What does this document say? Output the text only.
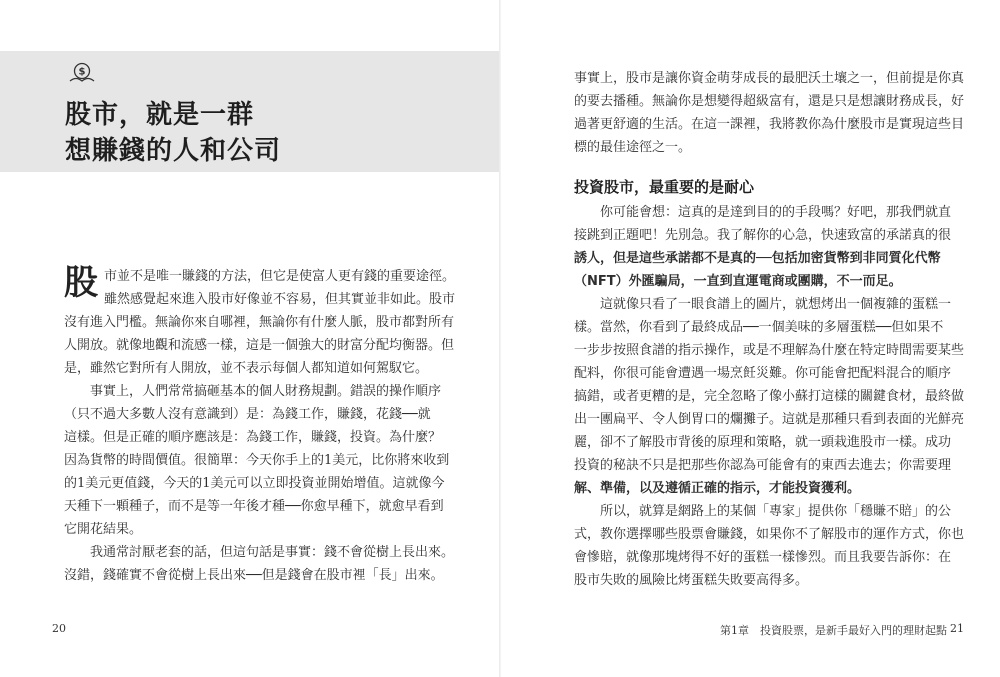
$
股市，就是一群
想賺錢的人和公司
股 市並不是唯一賺錢的方法，但它是使富人更有錢的重要途徑。
雖然感覺起來進入股市好像並不容易，但其實並非如此。股市
沒有進入門檻。無論你來自哪裡，無論你有什麼人脈，股市都對所有
人開放。就像地觀和流感一樣，這是一個強大的財富分配均衡器。但
是，雖然它對所有人開放，並不表示每個人都知道如何駕馭它。
事實上，人們常常搞砸基本的個人財務規劃。錯誤的操作順序
（只不過大多數人沒有意識到）是：為錢工作，賺錢，花錢──就
這樣。但是正確的順序應該是：為錢工作，賺錢，投資。為什麼？
因為貨幣的時間價值。很簡單：今天你手上的1美元，比你將來收到
的1美元更值錢，今天的1美元可以立即投資並開始增值。這就像今
天種下一顆種子，而不是等一年後才種──你愈早種下，就愈早看到
它開花結果。
我通常討厭老套的話，但這句話是事實：錢不會從樹上長出來。
沒錯，錢確實不會從樹上長出來──但是錢會在股市裡「長」出來。
20
事實上，股市是讓你資金萌芽成長的最肥沃土壤之一，但前提是你真
的要去播種。無論你是想變得超級富有，還是只是想讓財務成長，好
過著更舒適的生活。在這一課裡，我將教你為什麼股市是實現這些目
標的最佳途徑之一。
投資股市，最重要的是耐心
你可能會想：這真的是達到目的的手段嗎？好吧，那我們就直
接跳到正題吧！先別急。我了解你的心急，快速致富的承諾真的很
誘人，但是這些承諾都不是真的──包括加密貨幣到非同質化代幣
（NFT）外匯騙局，一直到直運電商或團購，不一而足。
這就像只看了一眼食譜上的圖片，就想烤出一個複雜的蛋糕一
樣。當然，你看到了最終成品──一個美味的多層蛋糕──但如果不
一步步按照食譜的指示操作，或是不理解為什麼在特定時間需要某些
配料，你很可能會遭遇一場烹飪災難。你可能會把配料混合的順序
搞錯，或者更糟的是，完全忽略了像小蘇打這樣的關鍵食材，最終做
出一團扁平、令人倒胃口的爛攤子。這就是那種只看到表面的光鮮亮
麗，卻不了解股市背後的原理和策略，就一頭栽進股市一樣。成功
投資的秘訣不只是把那些你認為可能會有的東西去進去；你需要理
解、準備，以及遵循正確的指示，才能投資獲利。
所以，就算是網路上的某個「專家」提供你「穩賺不賠」的公
式，教你選擇哪些股票會賺錢，如果你不了解股市的運作方式，你也
會慘賠，就像那塊烤得不好的蛋糕一樣慘烈。而且我要告訴你：在
股市失敗的風險比烤蛋糕失敗要高得多。
第1章　投資股票，是新手最好入門的理財起點 21
